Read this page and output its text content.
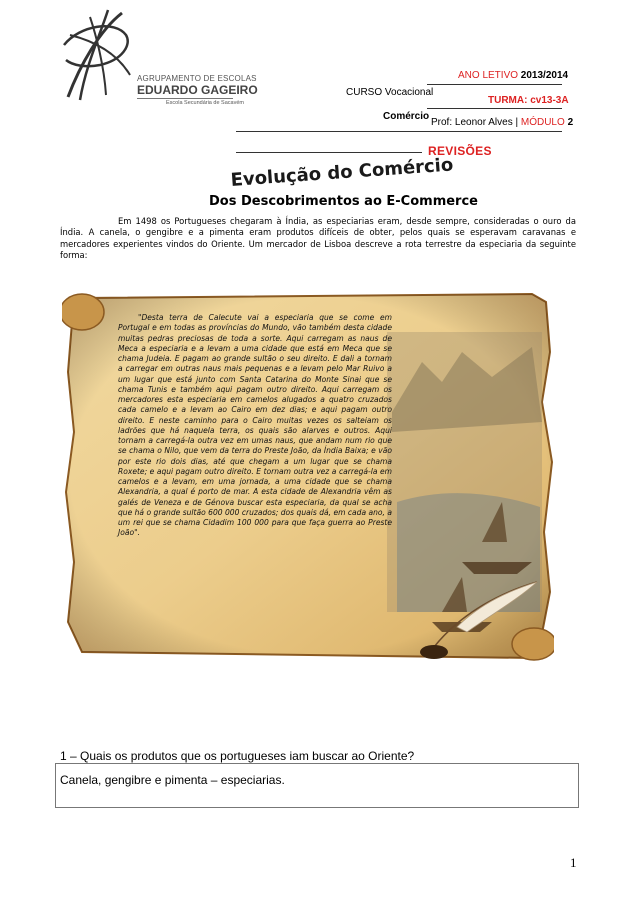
AGRUPAMENTO DE ESCOLAS
EDUARDO GAGEIRO
Escola Secundária de Sacavém
ANO LETIVO 2013/2014
CURSO Vocacional
TURMA: cv13-3A
Comércio
Prof: Leonor Alves | MÓDULO 2
REVISÕES
Evolução do Comércio
Dos Descobrimentos ao E-Commerce
Em 1498 os Portugueses chegaram à Índia, as especiarias eram, desde sempre, consideradas o ouro da Índia. A canela, o gengibre e a pimenta eram produtos difíceis de obter, pelos quais se esperavam caravanas e mercadores experientes vindos do Oriente. Um mercador de Lisboa descreve a rota terrestre da especiaria da seguinte forma:
"Desta terra de Calecute vai a especiaria que se come em Portugal e em todas as províncias do Mundo, vão também desta cidade muitas pedras preciosas de toda a sorte. Aqui carregam as naus de Meca a especiaria e a levam a uma cidade que está em Meca que se chama Judeia. E pagam ao grande sultão o seu direito. E dali a tornam a carregar em outras naus mais pequenas e a levam pelo Mar Ruivo a um lugar que está junto com Santa Catarina do Monte Sinai que se chama Tunis e também aqui pagam outro direito. Aqui carregam os mercadores esta especiaria em camelos alugados a quatro cruzados cada camelo e a levam ao Cairo em dez dias; e aqui pagam outro direito. E neste caminho para o Cairo muitas vezes os salteiam os ladrões que há naquela terra, os quais são alarves e outros. Aqui tornam a carregá-la outra vez em umas naus, que andam num rio que se chama o Nilo, que vem da terra do Preste João, da Índia Baixa; e vão por este rio dois dias, até que chegam a um lugar que se chama Roxete; e aqui pagam outro direito. E tornam outra vez a carregá-la em camelos e a levam, em uma jornada, a uma cidade que se chama Alexandria, a qual é porto de mar. A esta cidade de Alexandria vêm as galés de Veneza e de Génova buscar esta especiaria, da qual se acha que há o grande sultão 600 000 cruzados; dos quais dá, em cada ano, a um rei que se chama Cidadim 100 000 para que faça guerra ao Preste João".
1 – Quais os produtos que os portugueses iam buscar ao Oriente?
Canela, gengibre e pimenta – especiarias.
1
